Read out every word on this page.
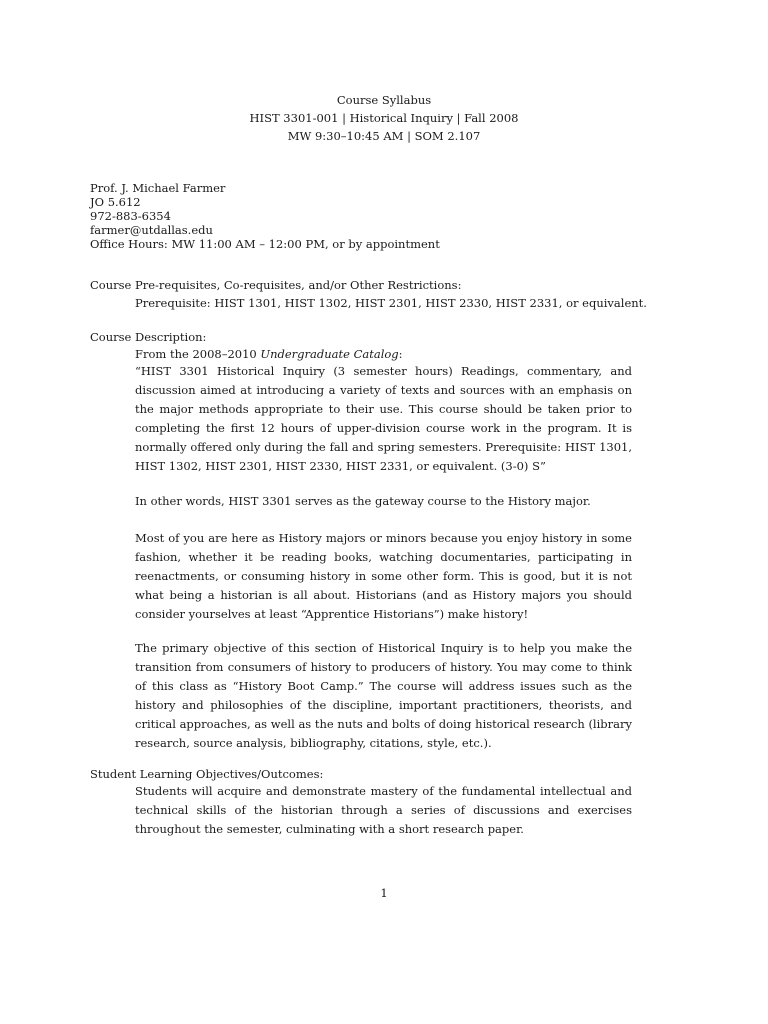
Course Syllabus
HIST 3301-001 | Historical Inquiry | Fall 2008
MW 9:30–10:45 AM | SOM 2.107
Prof. J. Michael Farmer
JO 5.612
972-883-6354
farmer@utdallas.edu
Office Hours: MW 11:00 AM – 12:00 PM, or by appointment
Course Pre-requisites, Co-requisites, and/or Other Restrictions:
Prerequisite: HIST 1301, HIST 1302, HIST 2301, HIST 2330, HIST 2331, or equivalent.
Course Description:
From the 2008–2010 Undergraduate Catalog:
“HIST 3301 Historical Inquiry (3 semester hours) Readings, commentary, and discussion aimed at introducing a variety of texts and sources with an emphasis on the major methods appropriate to their use. This course should be taken prior to completing the first 12 hours of upper-division course work in the program. It is normally offered only during the fall and spring semesters. Prerequisite: HIST 1301, HIST 1302, HIST 2301, HIST 2330, HIST 2331, or equivalent. (3-0) S”
In other words, HIST 3301 serves as the gateway course to the History major.
Most of you are here as History majors or minors because you enjoy history in some fashion, whether it be reading books, watching documentaries, participating in reenactments, or consuming history in some other form. This is good, but it is not what being a historian is all about. Historians (and as History majors you should consider yourselves at least “Apprentice Historians”) make history!
The primary objective of this section of Historical Inquiry is to help you make the transition from consumers of history to producers of history. You may come to think of this class as “History Boot Camp.” The course will address issues such as the history and philosophies of the discipline, important practitioners, theorists, and critical approaches, as well as the nuts and bolts of doing historical research (library research, source analysis, bibliography, citations, style, etc.).
Student Learning Objectives/Outcomes:
Students will acquire and demonstrate mastery of the fundamental intellectual and technical skills of the historian through a series of discussions and exercises throughout the semester, culminating with a short research paper.
1
